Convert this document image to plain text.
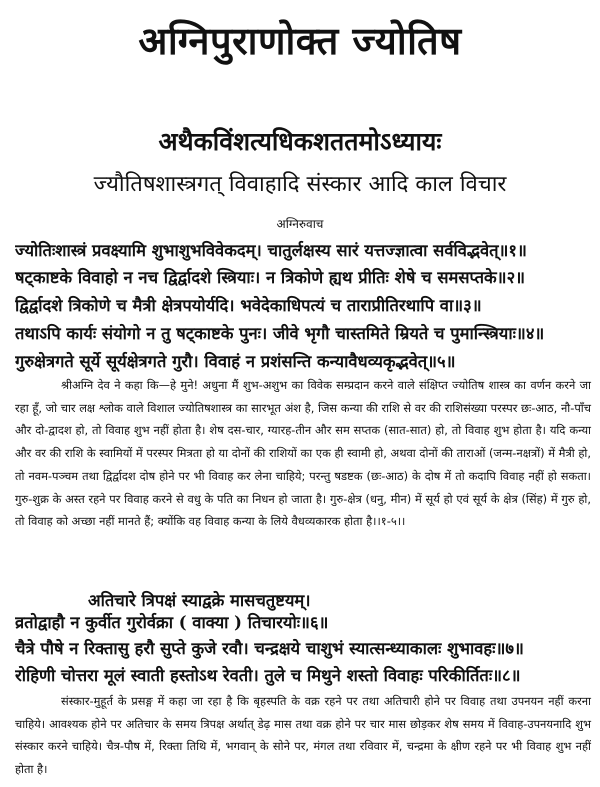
अग्निपुराणोक्त ज्योतिष
अथैकविंशत्यधिकशततमोऽध्यायः
ज्यौतिषशास्त्रगत् विवाहादि संस्कार आदि काल विचार
अग्निरुवाच
ज्योतिःशास्त्रं प्रवक्ष्यामि शुभाशुभविवेकदम्। चातुर्लक्षस्य सारं यत्तज्ज्ञात्वा सर्वविद्भवेत्॥१॥
षट्काष्टके विवाहो न नच द्विर्द्वादशे स्त्रियाः। न त्रिकोणे ह्यथ प्रीतिः शेषे च समसप्तके॥२॥
द्विर्द्वादशे त्रिकोणे च मैत्री क्षेत्रपयोर्यदि। भवेदेकाधिपत्यं च ताराप्रीतिरथापि वा॥३॥
तथाऽपि कार्यः संयोगो न तु षट्काष्टके पुनः। जीवे भृगौ चास्तमिते म्रियते च पुमान्स्त्रियाः॥४॥
गुरुक्षेत्रगते सूर्ये सूर्यक्षेत्रगते गुरौ। विवाहं न प्रशंसन्ति कन्यावैधव्यकृद्भवेत्॥५॥

श्रीअग्नि देव ने कहा कि—हे मुने! अधुना मैं शुभ-अशुभ का विवेक सम्प्रदान करने वाले संक्षिप्त ज्योतिष शास्त्र का वर्णन करने जा रहा हूँ, जो चार लक्ष श्लोक वाले विशाल ज्योतिषशास्त्र का सारभूत अंश है, जिस कन्या की राशि से वर की राशिसंख्या परस्पर छः-आठ, नौ-पाँच और दो-द्वादश हो, तो विवाह शुभ नहीं होता है। शेष दस-चार, ग्यारह-तीन और सम सप्तक (सात-सात) हो, तो विवाह शुभ होता है। यदि कन्या और वर की राशि के स्वामियों में परस्पर मित्रता हो या दोनों की राशियों का एक ही स्वामी हो, अथवा दोनों की ताराओं (जन्म-नक्षत्रों) में मैत्री हो, तो नवम-पञ्चम तथा द्विर्द्वादश दोष होने पर भी विवाह कर लेना चाहिये; परन्तु षडष्टक (छः-आठ) के दोष में तो कदापि विवाह नहीं हो सकता। गुरु-शुक्र के अस्त रहने पर विवाह करने से वधु के पति का निधन हो जाता है। गुरु-क्षेत्र (धनु, मीन) में सूर्य हो एवं सूर्य के क्षेत्र (सिंह) में गुरु हो, तो विवाह को अच्छा नहीं मानते हैं; क्योंकि वह विवाह कन्या के लिये वैधव्यकारक होता है।।१-५।।

अतिचारे त्रिपक्षं स्याद्वक्रे मासचतुष्टयम्।
व्रतोद्वाहौ न कुर्वीत गुरोर्वक्रा ( वाक्या ) तिचारयोः॥६॥
चैत्रे पौषे न रिक्तासु हरौ सुप्ते कुजे रवौ। चन्द्रक्षये चाशुभं स्यात्सन्ध्याकालः शुभावहः॥७॥
रोहिणी चोत्तरा मूलं स्वाती हस्तोऽथ रेवती। तुले च मिथुने शस्तो विवाहः परिकीर्तितः॥८॥

संस्कार-मुहूर्त के प्रसङ्ग में कहा जा रहा है कि बृहस्पति के वक्र रहने पर तथा अतिचारी होने पर विवाह तथा उपनयन नहीं करना चाहिये। आवश्यक होने पर अतिचार के समय त्रिपक्ष अर्थात् डेढ़ मास तथा वक्र होने पर चार मास छोड़कर शेष समय में विवाह-उपनयनादि शुभ संस्कार करने चाहिये। चैत्र-पौष में, रिक्ता तिथि में, भगवान् के सोने पर, मंगल तथा रविवार में, चन्द्रमा के क्षीण रहने पर भी विवाह शुभ नहीं होता है।
